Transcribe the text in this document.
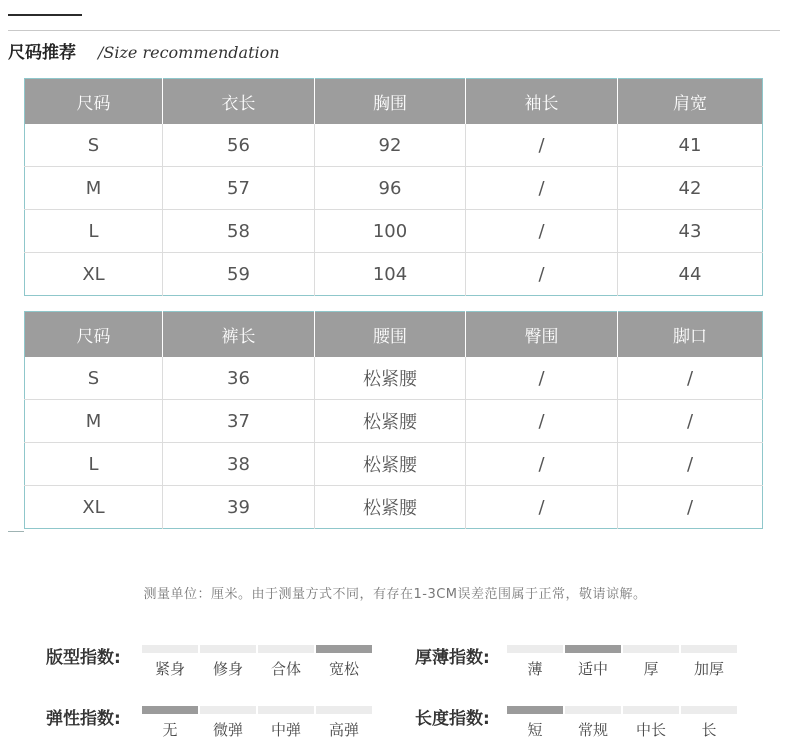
尺码推荐 /Size recommendation
尺码	衣长	胸围	袖长	肩宽
S	56	92	/	41
M	57	96	/	42
L	58	100	/	43
XL	59	104	/	44
尺码	裤长	腰围	臀围	脚口
S	36	松紧腰	/	/
M	37	松紧腰	/	/
L	38	松紧腰	/	/
XL	39	松紧腰	/	/
测量单位：厘米。由于测量方式不同，有存在1-3CM误差范围属于正常，敬请谅解。
版型指数:
紧身	修身	合体	宽松
厚薄指数:
薄	适中	厚	加厚
弹性指数:
无	微弹	中弹	高弹
长度指数:
短	常规	中长	长
